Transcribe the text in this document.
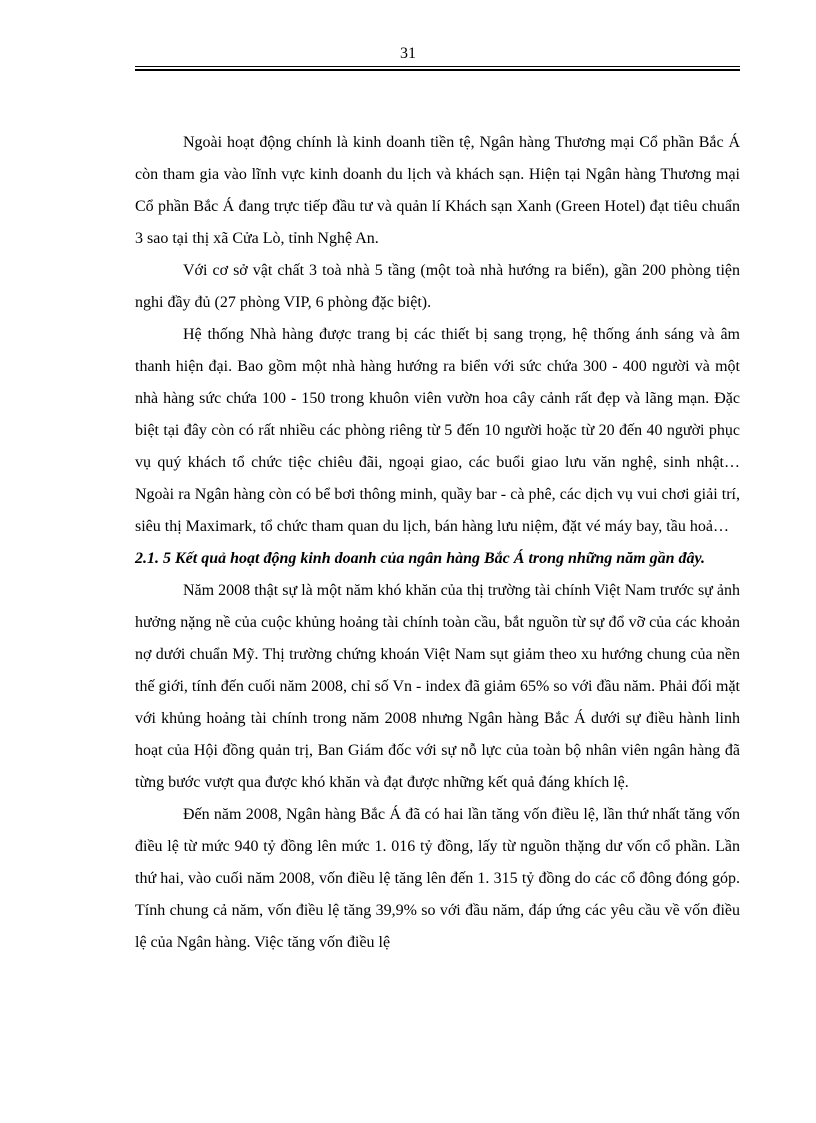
31

Ngoài hoạt động chính là kinh doanh tiền tệ, Ngân hàng Thương mại Cổ phần Bắc Á còn tham gia vào lĩnh vực kinh doanh du lịch và khách sạn. Hiện tại Ngân hàng Thương mại Cổ phần Bắc Á đang trực tiếp đầu tư và quản lí Khách sạn Xanh (Green Hotel) đạt tiêu chuẩn 3 sao tại thị xã Cửa Lò, tỉnh Nghệ An.

Với cơ sở vật chất 3 toà nhà 5 tầng (một toà nhà hướng ra biển), gần 200 phòng tiện nghi đầy đủ (27 phòng VIP, 6 phòng đặc biệt).

Hệ thống Nhà hàng được trang bị các thiết bị sang trọng, hệ thống ánh sáng và âm thanh hiện đại. Bao gồm một nhà hàng hướng ra biển với sức chứa 300 - 400 người và một nhà hàng sức chứa 100 - 150 trong khuôn viên vườn hoa cây cảnh rất đẹp và lãng mạn. Đặc biệt tại đây còn có rất nhiều các phòng riêng từ 5 đến 10 người hoặc từ 20 đến 40 người phục vụ quý khách tổ chức tiệc chiêu đãi, ngoại giao, các buổi giao lưu văn nghệ, sinh nhật… Ngoài ra Ngân hàng còn có bể bơi thông minh, quầy bar - cà phê, các dịch vụ vui chơi giải trí, siêu thị Maximark, tổ chức tham quan du lịch, bán hàng lưu niệm, đặt vé máy bay, tầu hoả…

2.1. 5 Kết quả hoạt động kinh doanh của ngân hàng Bắc Á trong những năm gần đây.

Năm 2008 thật sự là một năm khó khăn của thị trường tài chính Việt Nam trước sự ảnh hưởng nặng nề của cuộc khủng hoảng tài chính toàn cầu, bắt nguồn từ sự đổ vỡ của các khoản nợ dưới chuẩn Mỹ. Thị trường chứng khoán Việt Nam sụt giảm theo xu hướng chung của nền thế giới, tính đến cuối năm 2008, chỉ số Vn - index đã giảm 65% so với đầu năm. Phải đối mặt với khủng hoảng tài chính trong năm 2008 nhưng Ngân hàng Bắc Á dưới sự điều hành linh hoạt của Hội đồng quản trị, Ban Giám đốc với sự nỗ lực của toàn bộ nhân viên ngân hàng đã từng bước vượt qua được khó khăn và đạt được những kết quả đáng khích lệ.

Đến năm 2008, Ngân hàng Bắc Á đã có hai lần tăng vốn điều lệ, lần thứ nhất tăng vốn điều lệ từ mức 940 tỷ đồng lên mức 1. 016 tỷ đồng, lấy từ nguồn thặng dư vốn cổ phần. Lần thứ hai, vào cuối năm 2008, vốn điều lệ tăng lên đến 1. 315 tỷ đồng do các cổ đông đóng góp. Tính chung cả năm, vốn điều lệ tăng 39,9% so với đầu năm, đáp ứng các yêu cầu về vốn điều lệ của Ngân hàng. Việc tăng vốn điều lệ
